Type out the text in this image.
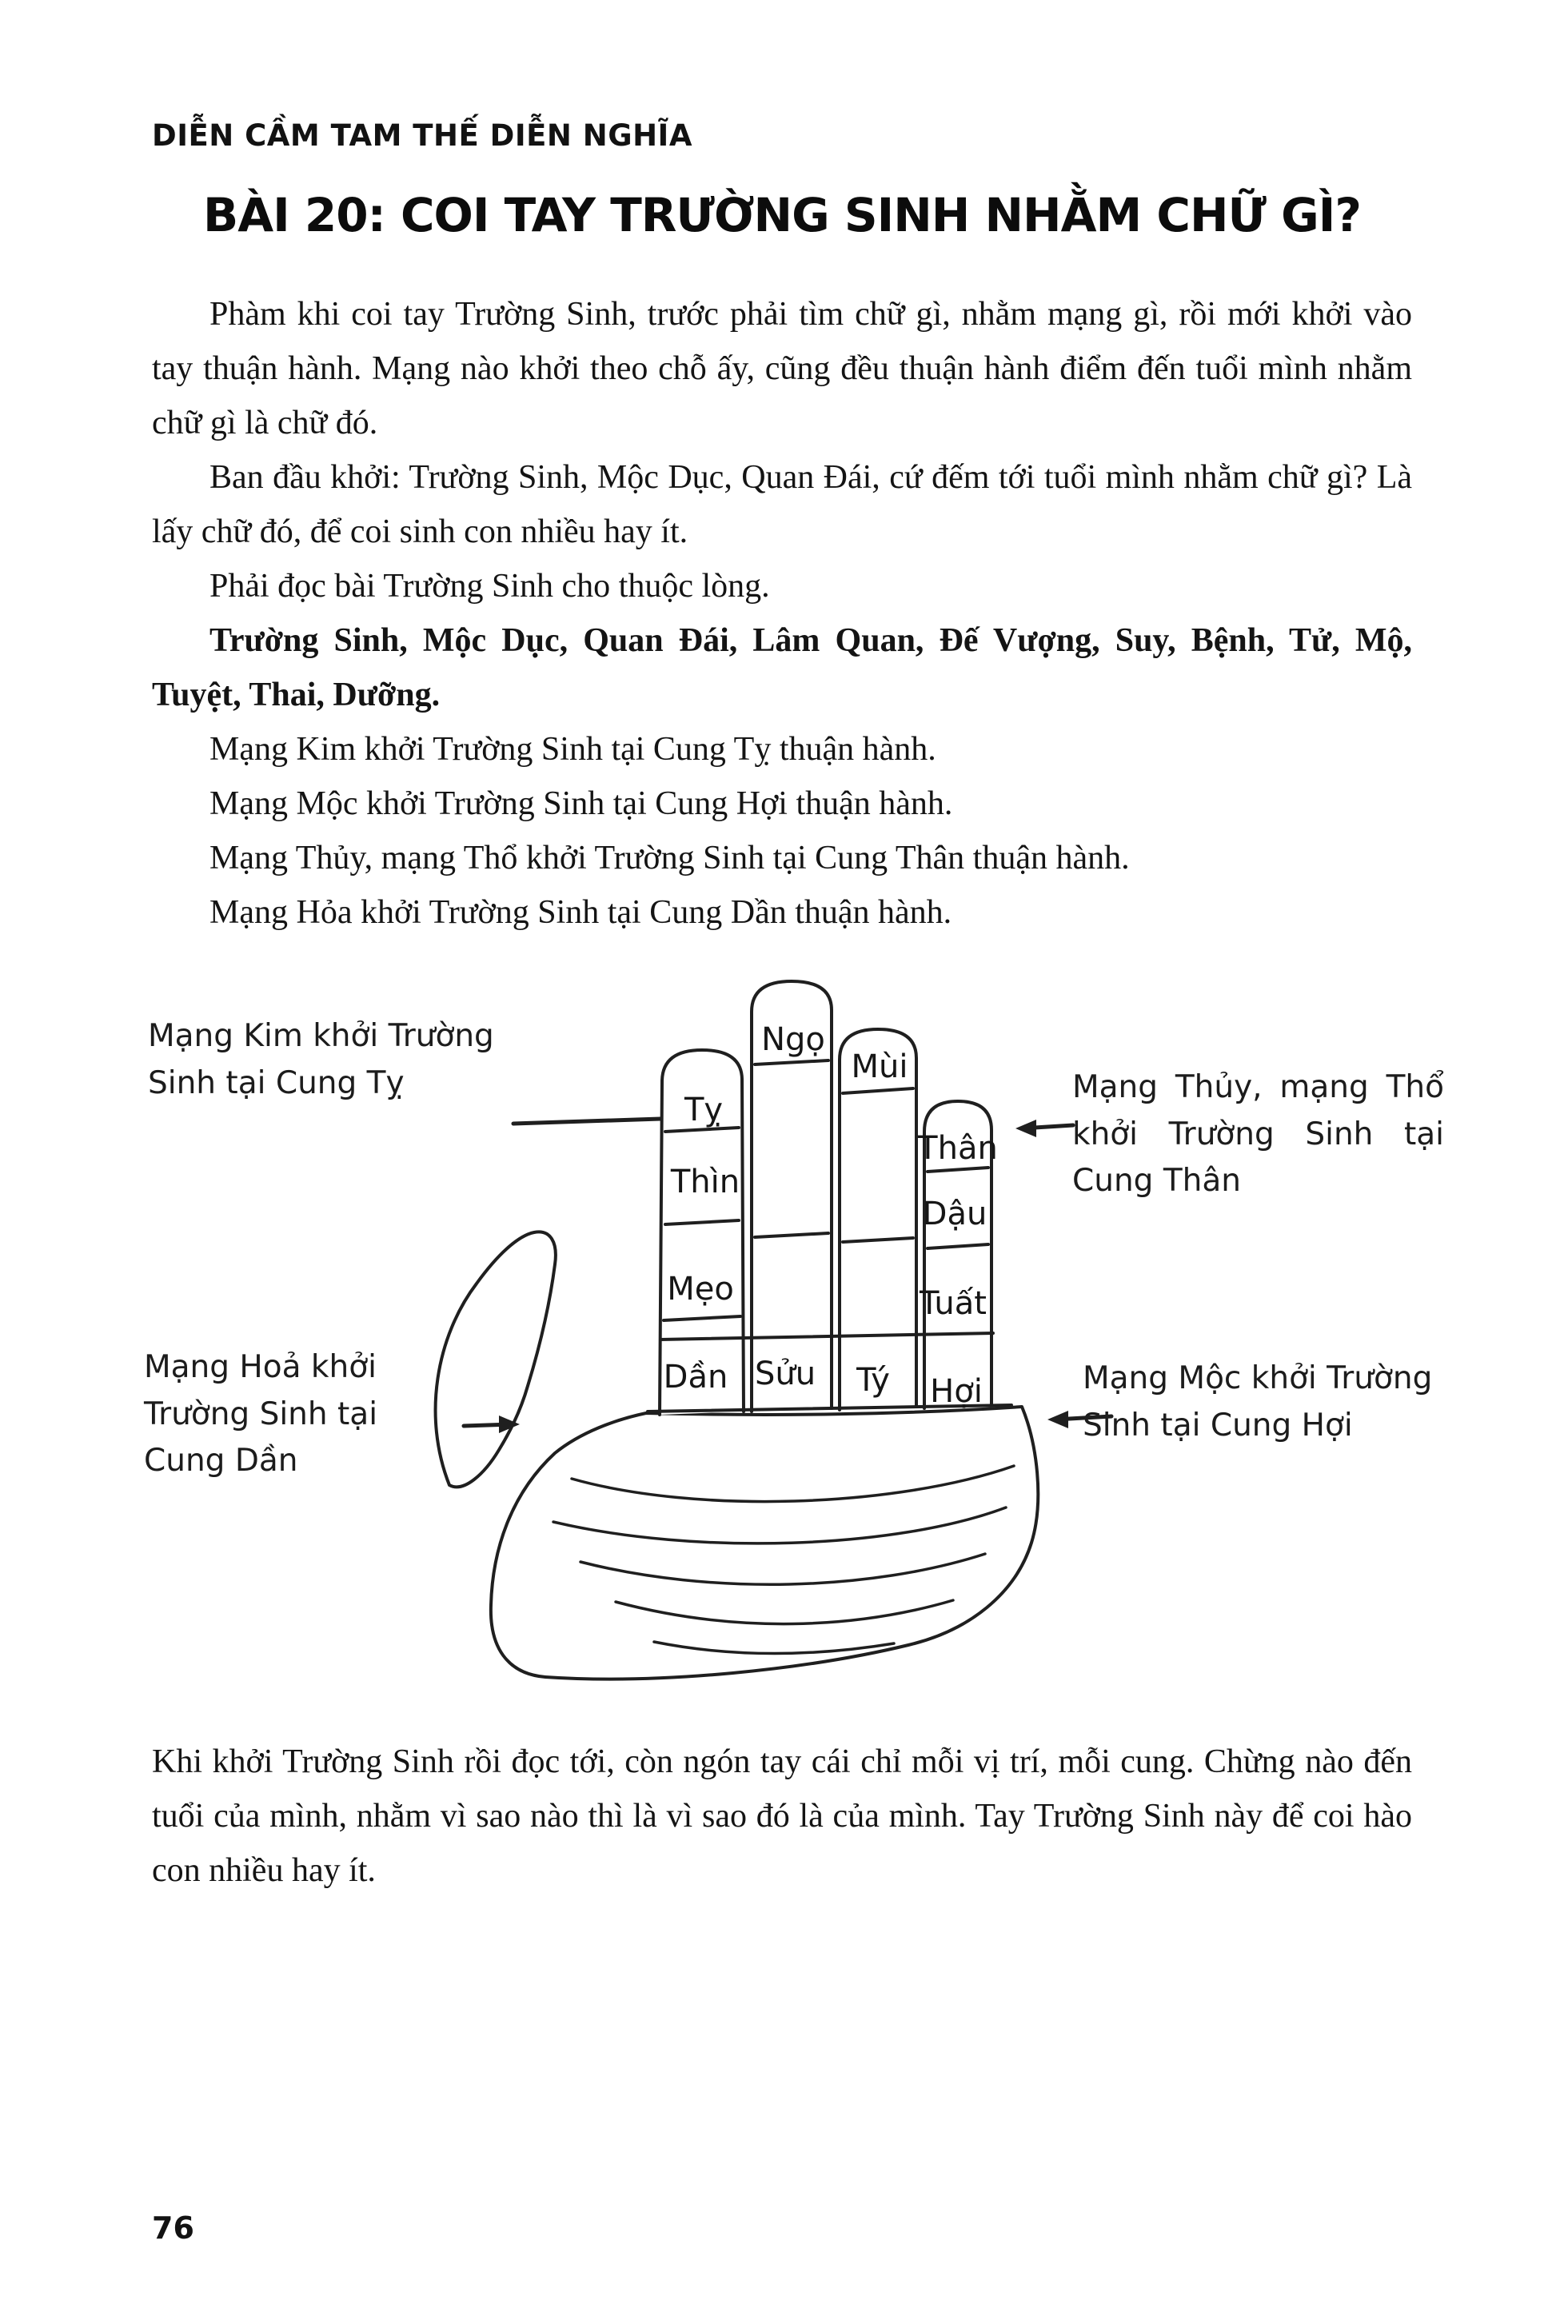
DIỄN CẦM TAM THẾ DIỄN NGHĨA
BÀI 20: COI TAY TRƯỜNG SINH NHẰM CHỮ GÌ?

Phàm khi coi tay Trường Sinh, trước phải tìm chữ gì, nhằm mạng gì, rồi mới khởi vào tay thuận hành. Mạng nào khởi theo chỗ ấy, cũng đều thuận hành điểm đến tuổi mình nhằm chữ gì là chữ đó.

Ban đầu khởi: Trường Sinh, Mộc Dục, Quan Đái, cứ đếm tới tuổi mình nhằm chữ gì? Là lấy chữ đó, để coi sinh con nhiều hay ít.

Phải đọc bài Trường Sinh cho thuộc lòng.

Trường Sinh, Mộc Dục, Quan Đái, Lâm Quan, Đế Vượng, Suy, Bệnh, Tử, Mộ, Tuyệt, Thai, Dưỡng.

Mạng Kim khởi Trường Sinh tại Cung Tỵ thuận hành.

Mạng Mộc khởi Trường Sinh tại Cung Hợi thuận hành.

Mạng Thủy, mạng Thổ khởi Trường Sinh tại Cung Thân thuận hành.

Mạng Hỏa khởi Trường Sinh tại Cung Dần thuận hành.

Mạng Kim khởi Trường Sinh tại Cung Tỵ	Mạng Thủy, mạng Thổ khởi Trường Sinh tại Cung Thân
Mạng Hoả khởi Trường Sinh tại Cung Dần
Mạng Mộc khởi Trường Sinh tại Cung Hợi
Tỵ
Thìn
Mẹo
Dần
Ngọ
Sửu
Mùi
Tý
Thân
Dậu
Tuất
Hợi

Khi khởi Trường Sinh rồi đọc tới, còn ngón tay cái chỉ mỗi vị trí, mỗi cung. Chừng nào đến tuổi của mình, nhằm vì sao nào thì là vì sao đó là của mình. Tay Trường Sinh này để coi hào con nhiều hay ít.

76
